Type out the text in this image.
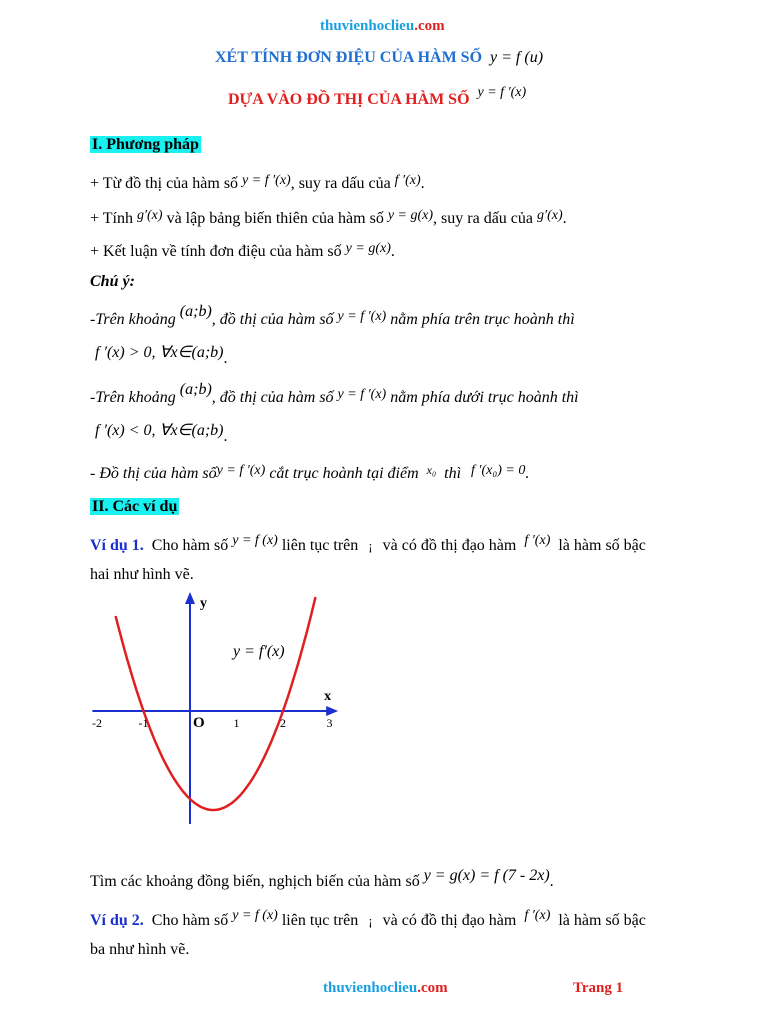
thuvienhoclieu.com
XÉT TÍNH ĐƠN ĐIỆU CỦA HÀM SỐ y = f (u)
DỰA VÀO ĐỒ THỊ CỦA HÀM SỐ y = f ′(x)
I. Phương pháp
+ Từ đồ thị của hàm số y = f ′(x), suy ra dấu của f ′(x).
+ Tính g′(x) và lập bảng biến thiên của hàm số y = g(x), suy ra dấu của g′(x).
+ Kết luận về tính đơn điệu của hàm số y = g(x).
Chú ý:
-Trên khoảng (a;b), đồ thị của hàm số y = f ′(x) nằm phía trên trục hoành thì
f ′(x) > 0, ∀x∈(a;b).
-Trên khoảng (a;b), đồ thị của hàm số y = f ′(x) nằm phía dưới trục hoành thì
f ′(x) < 0, ∀x∈(a;b).
- Đồ thị của hàm sốy = f ′(x) cắt trục hoành tại điểm $^{x_0}$ thì f ′(x₀) = 0.
II. Các ví dụ
Ví dụ 1. Cho hàm số y = f (x) liên tục trên ¡ và có đồ thị đạo hàm f ′(x) là hàm số bậc
hai như hình vẽ.
-2	-1	1	2	3
O
x
y
y = f′(x)
Tìm các khoảng đồng biến, nghịch biến của hàm số y = g(x) = f (7 - 2x).
Ví dụ 2. Cho hàm số y = f (x) liên tục trên ¡ và có đồ thị đạo hàm f ′(x) là hàm số bậc
ba như hình vẽ.
thuvienhoclieu.com	Trang 1
